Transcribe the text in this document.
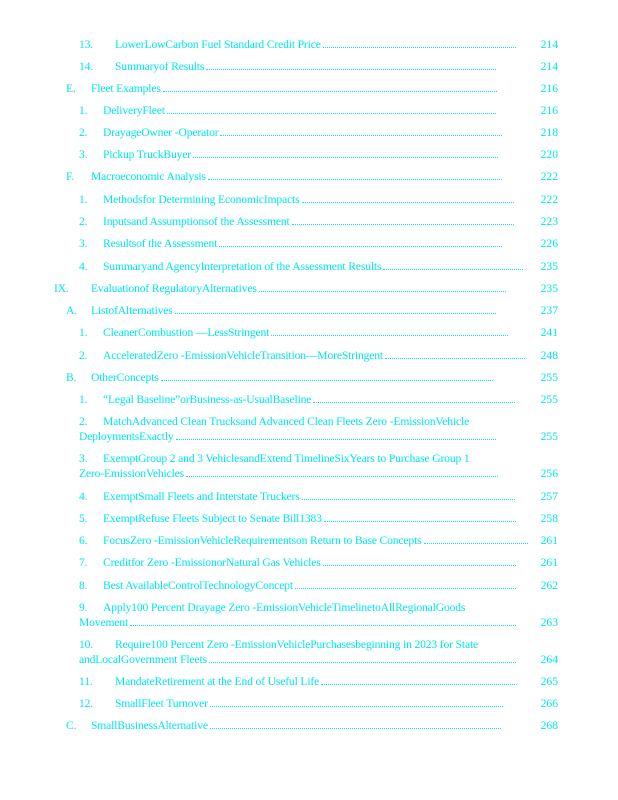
13.	LowerLowCarbon Fuel Standard Credit Price	214
14.	Summaryof Results	214
E.	Fleet Examples	216
1.	DeliveryFleet	216
2.	DrayageOwner -Operator	218
3.	Pickup TruckBuyer	220
F.	Macroeconomic Analysis	222
1.	Methodsfor Determining EconomicImpacts	222
2.	Inputsand Assumptionsof the Assessment	223
3.	Resultsof the Assessment	226
4.	Summaryand AgencyInterpretation of the Assessment Results	235
IX.	Evaluationof RegulatoryAlternatives	235
A.	ListofAlternatives	237
1.	CleanerCombustion —LessStringent	241
2.	AcceleratedZero -EmissionVehicleTransition—MoreStringent	248
B.	OtherConcepts	255
1.	“Legal Baseline”orBusiness-as-UsualBaseline	255
2. MatchAdvanced Clean Trucksand Advanced Clean Fleets Zero -EmissionVehicle
DeploymentsExactly	255
3. ExemptGroup 2 and 3 VehiclesandExtend TimelineSixYears to Purchase Group 1
Zero-EmissionVehicles	256
4.	ExemptSmall Fleets and Interstate Truckers	257
5.	ExemptRefuse Fleets Subject to Senate Bill1383	258
6.	FocusZero -EmissionVehicleRequirementson Return to Base Concepts	261
7.	Creditfor Zero -EmissionorNatural Gas Vehicles	261
8.	Best AvailableControlTechnologyConcept	262
9. Apply100 Percent Drayage Zero -EmissionVehicleTimelinetoAllRegionalGoods
Movement	263
10. Require100 Percent Zero -EmissionVehiclePurchasesbeginning in 2023 for State
andLocalGovernment Fleets	264
11.	MandateRetirement at the End of Useful Life	265
12.	SmallFleet Turnover	266
C.	SmallBusinessAlternative	268
